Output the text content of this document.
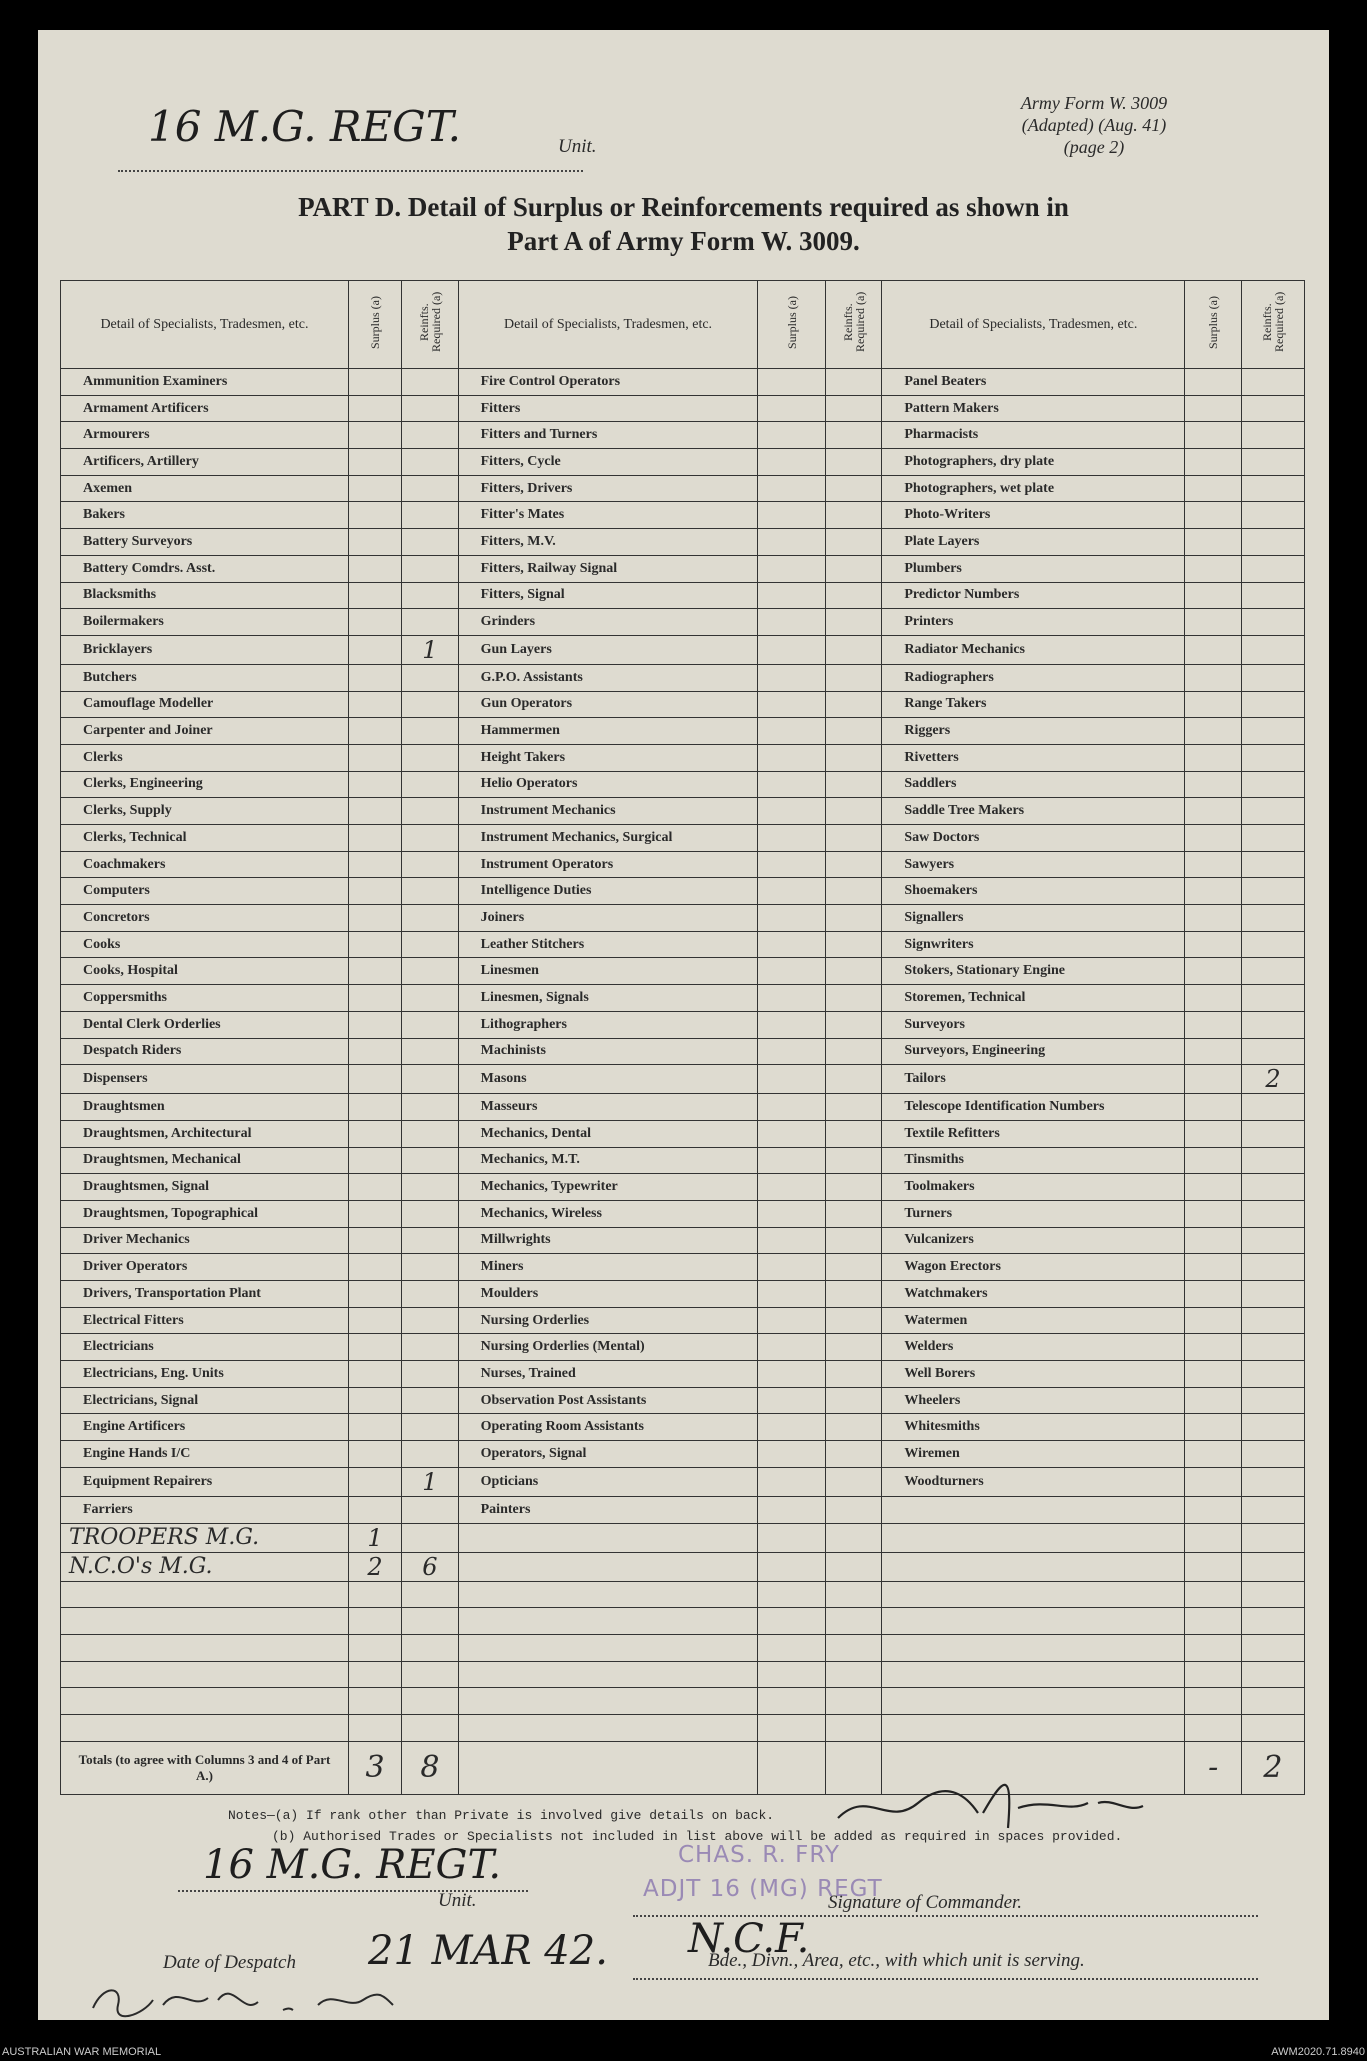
Army Form W. 3009
(Adapted) (Aug. 41)
(page 2)
16 M.G. REGT.	Unit.
PART D. Detail of Surplus or Reinforcements required as shown in
Part A of Army Form W. 3009.
Detail of Specialists, Tradesmen, etc.	Surplus (a)	Reinfts. Required (a)	Detail of Specialists, Tradesmen, etc.	Surplus (a)	Reinfts. Required (a)	Detail of Specialists, Tradesmen, etc.	Surplus (a)	Reinfts. Required (a)
Ammunition Examiners			Fire Control Operators			Panel Beaters		
Armament Artificers			Fitters			Pattern Makers		
Armourers			Fitters and Turners			Pharmacists		
Artificers, Artillery			Fitters, Cycle			Photographers, dry plate		
Axemen			Fitters, Drivers			Photographers, wet plate		
Bakers			Fitter's Mates			Photo-Writers		
Battery Surveyors			Fitters, M.V.			Plate Layers		
Battery Comdrs. Asst.			Fitters, Railway Signal			Plumbers		
Blacksmiths			Fitters, Signal			Predictor Numbers		
Boilermakers			Grinders			Printers		
Bricklayers		1	Gun Layers			Radiator Mechanics		
Butchers			G.P.O. Assistants			Radiographers		
Camouflage Modeller			Gun Operators			Range Takers		
Carpenter and Joiner			Hammermen			Riggers		
Clerks			Height Takers			Rivetters		
Clerks, Engineering			Helio Operators			Saddlers		
Clerks, Supply			Instrument Mechanics			Saddle Tree Makers		
Clerks, Technical			Instrument Mechanics, Surgical			Saw Doctors		
Coachmakers			Instrument Operators			Sawyers		
Computers			Intelligence Duties			Shoemakers		
Concretors			Joiners			Signallers		
Cooks			Leather Stitchers			Signwriters		
Cooks, Hospital			Linesmen			Stokers, Stationary Engine		
Coppersmiths			Linesmen, Signals			Storemen, Technical		
Dental Clerk Orderlies			Lithographers			Surveyors		
Despatch Riders			Machinists			Surveyors, Engineering		
Dispensers			Masons			Tailors		2
Draughtsmen			Masseurs			Telescope Identification Numbers		
Draughtsmen, Architectural			Mechanics, Dental			Textile Refitters		
Draughtsmen, Mechanical			Mechanics, M.T.			Tinsmiths		
Draughtsmen, Signal			Mechanics, Typewriter			Toolmakers		
Draughtsmen, Topographical			Mechanics, Wireless			Turners		
Driver Mechanics			Millwrights			Vulcanizers		
Driver Operators			Miners			Wagon Erectors		
Drivers, Transportation Plant			Moulders			Watchmakers		
Electrical Fitters			Nursing Orderlies			Watermen		
Electricians			Nursing Orderlies (Mental)			Welders		
Electricians, Eng. Units			Nurses, Trained			Well Borers		
Electricians, Signal			Observation Post Assistants			Wheelers		
Engine Artificers			Operating Room Assistants			Whitesmiths		
Engine Hands I/C			Operators, Signal			Wiremen		
Equipment Repairers		1	Opticians			Woodturners		
Farriers			Painters					
TROOPERS M.G.	1							
N.C.O's M.G.	2	6						

Totals (to agree with Columns 3 and 4 of Part A.)	3	8					-	2
Notes—(a) If rank other than Private is involved give details on back.
(b) Authorised Trades or Specialists not included in list above will be added as required in spaces provided.
16 M.G. REGT.
Unit.
CHAS. R. FRY
ADJT 16 (MG) REGT
Signature of Commander.
Date of Despatch 21 MAR 42. N.C.F.
Bde., Divn., Area, etc., with which unit is serving.
AUSTRALIAN WAR MEMORIAL	AWM2020.71.8940
